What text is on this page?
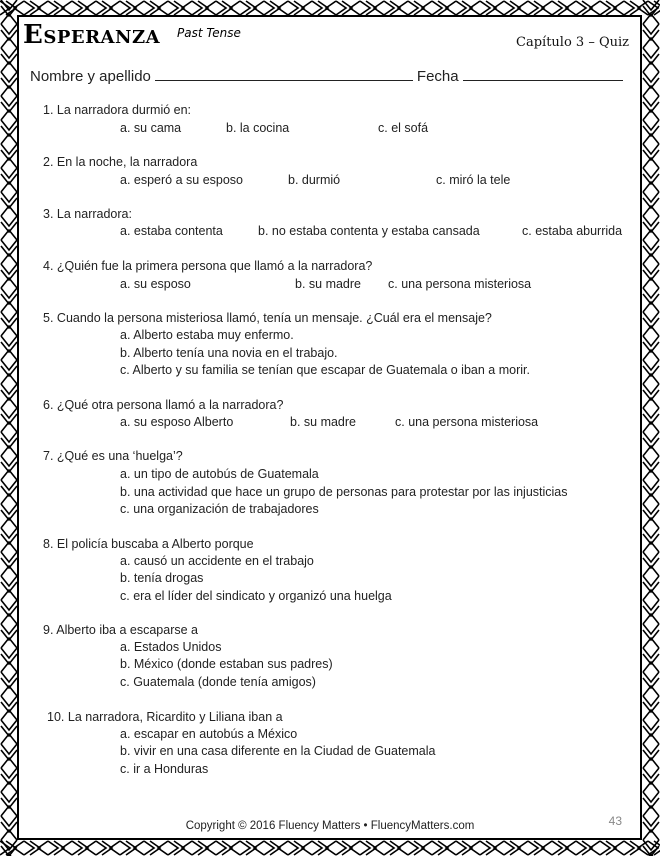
Esperanza Past Tense
Capítulo 3 – Quiz
Nombre y apellido	Fecha
1. La narradora durmió en:
a. su cama	b. la cocina	c. el sofá
2. En la noche, la narradora
a. esperó a su esposo	b. durmió	c. miró la tele
3. La narradora:
a. estaba contenta	b. no estaba contenta y estaba cansada	c. estaba aburrida
4. ¿Quién fue la primera persona que llamó a la narradora?
a. su esposo	b. su madre c. una persona misteriosa
5. Cuando la persona misteriosa llamó, tenía un mensaje. ¿Cuál era el mensaje?
a. Alberto estaba muy enfermo.
b. Alberto tenía una novia en el trabajo.
c. Alberto y su familia se tenían que escapar de Guatemala o iban a morir.
6. ¿Qué otra persona llamó a la narradora?
a. su esposo Alberto	b. su madre	c. una persona misteriosa
7. ¿Qué es una ‘huelga’?
a. un tipo de autobús de Guatemala
b. una actividad que hace un grupo de personas para protestar por las injusticias
c. una organización de trabajadores
8. El policía buscaba a Alberto porque
a. causó un accidente en el trabajo
b. tenía drogas
c. era el líder del sindicato y organizó una huelga
9. Alberto iba a escaparse a
a. Estados Unidos
b. México (donde estaban sus padres)
c. Guatemala (donde tenía amigos)
10. La narradora, Ricardito y Liliana iban a
a. escapar en autobús a México
b. vivir en una casa diferente en la Ciudad de Guatemala
c. ir a Honduras
Copyright © 2016 Fluency Matters • FluencyMatters.com	43
